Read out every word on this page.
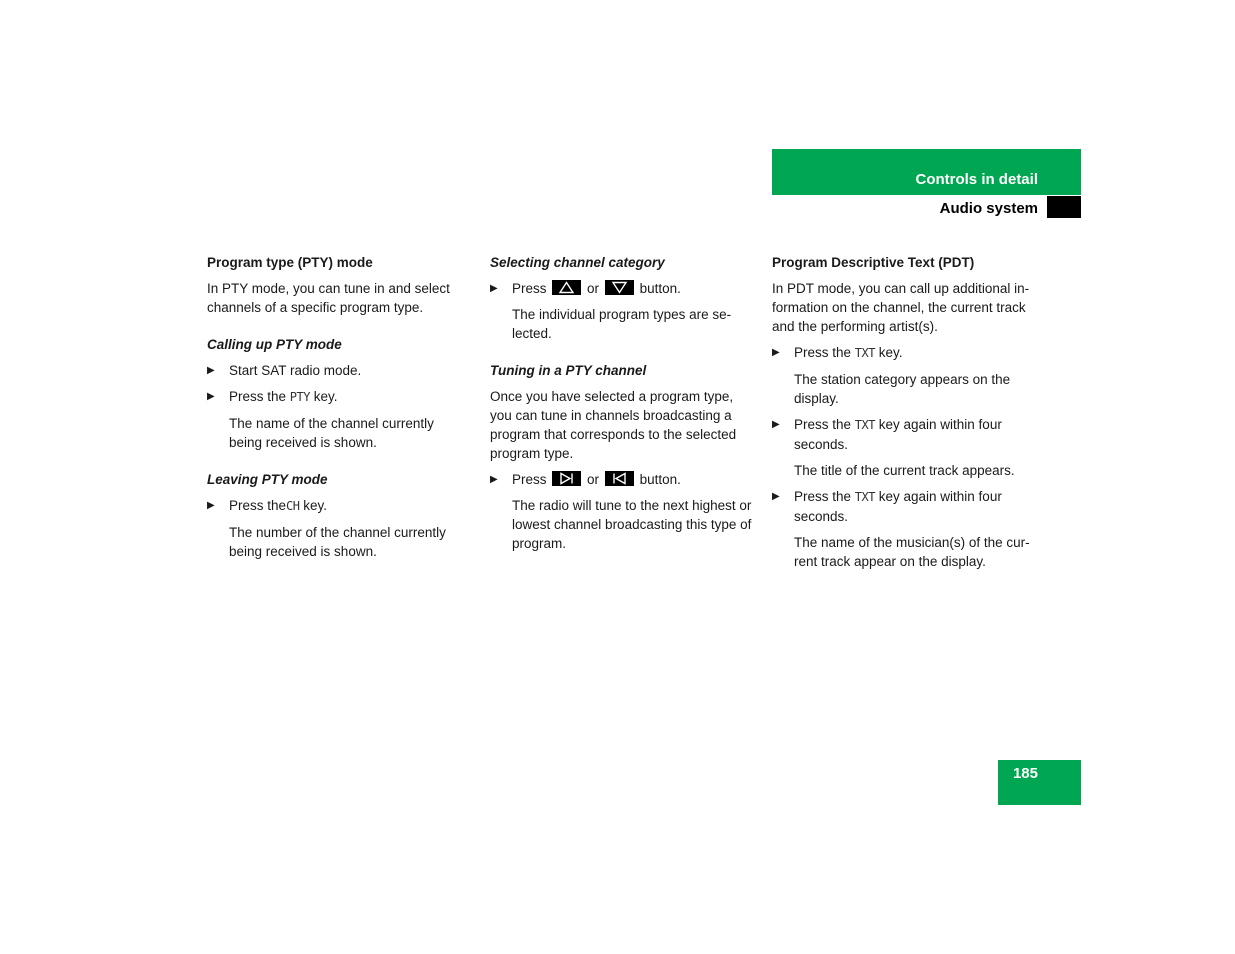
Controls in detail
Audio system
Program type (PTY) mode

In PTY mode, you can tune in and select channels of a specific program type.

Calling up PTY mode
▶ Start SAT radio mode.
▶ Press the PTY key.
The name of the channel currently being received is shown.
Leaving PTY mode
▶ Press theCH key.
The number of the channel currently being received is shown.
Selecting channel category
▶ Press	or	button.
The individual program types are se-lected.
Tuning in a PTY channel

Once you have selected a program type, you can tune in channels broadcasting a program that corresponds to the selected program type.

▶ Press	or	button.
The radio will tune to the next highest or lowest channel broadcasting this type of program.
Program Descriptive Text (PDT)

In PDT mode, you can call up additional in-formation on the channel, the current track and the performing artist(s).

▶ Press the TXT key.
The station category appears on the display.
▶ Press the TXT key again within four seconds.
The title of the current track appears.
▶ Press the TXT key again within four seconds.
The name of the musician(s) of the cur-rent track appear on the display.
185
